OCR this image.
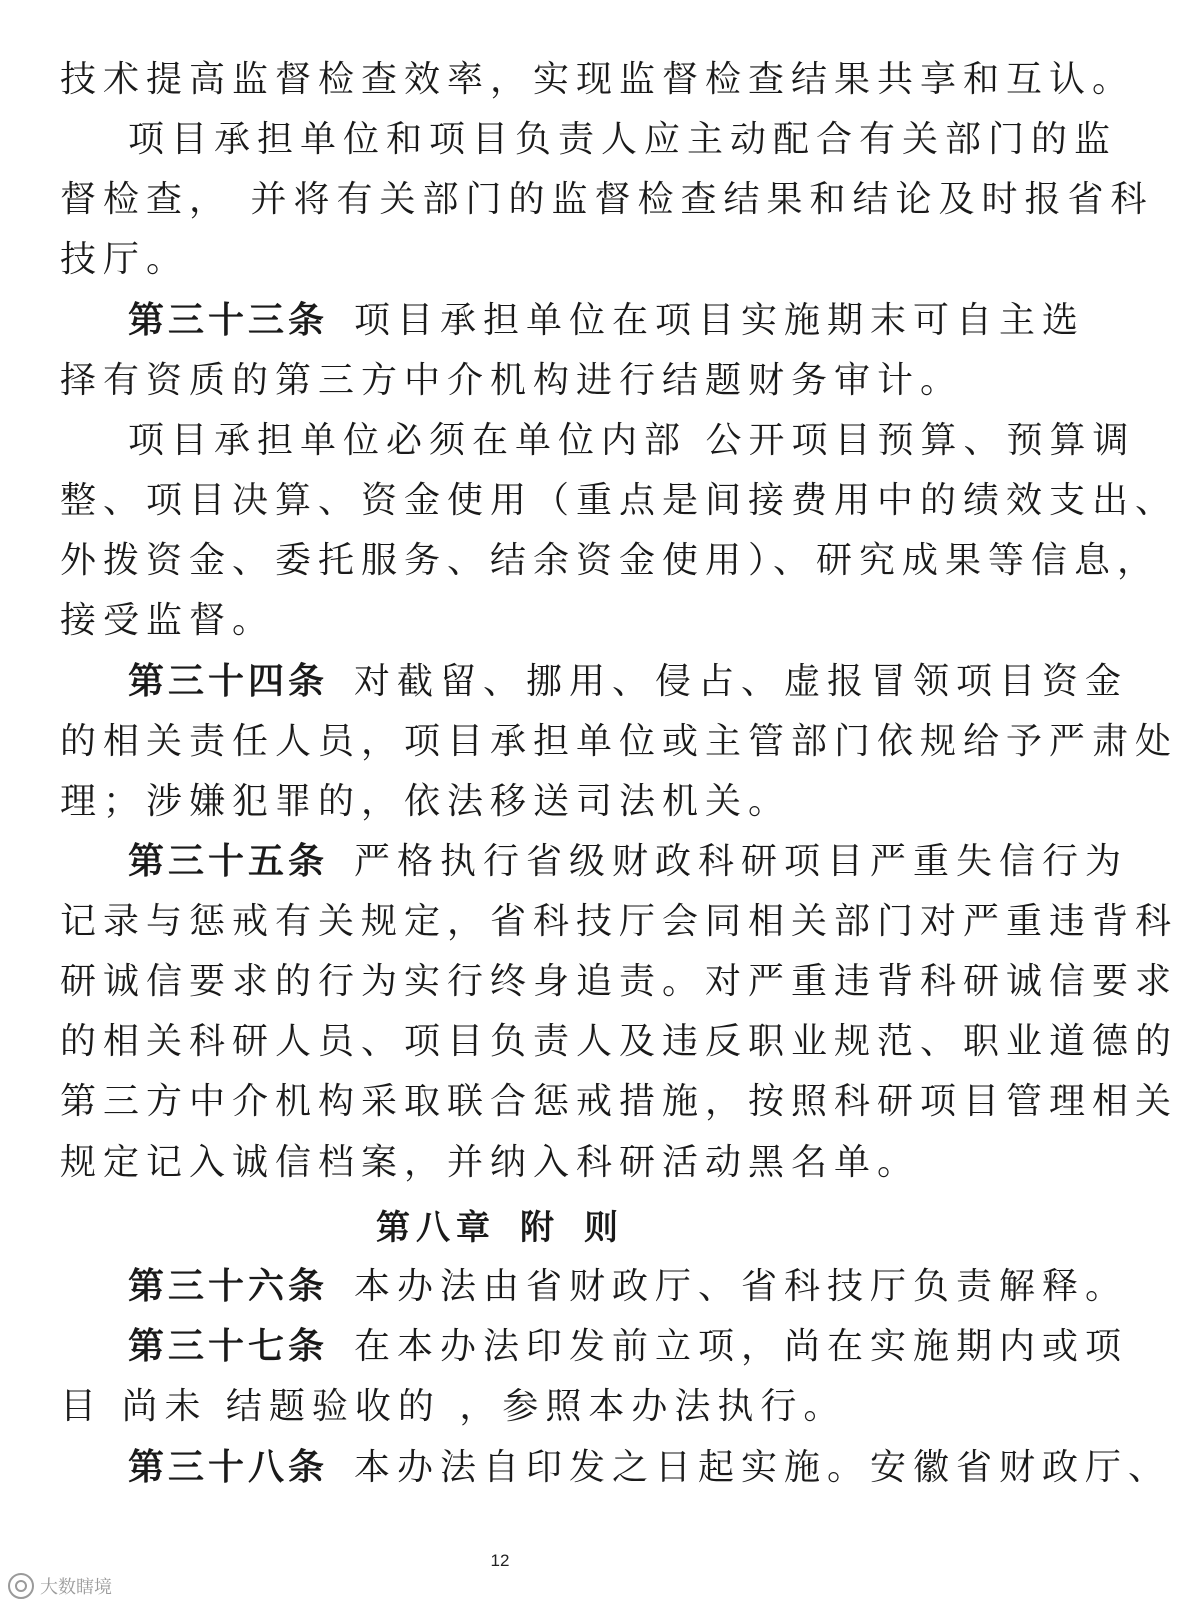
技术提高监督检查效率，实现监督检查结果共享和互认。
项目承担单位和项目负责人应主动配合有关部门的监
督检查， 并将有关部门的监督检查结果和结论及时报省科
技厅。
第三十三条 项目承担单位在项目实施期末可自主选
择有资质的第三方中介机构进行结题财务审计。
项目承担单位必须在单位内部 公开项目预算、预算调
整、项目决算、资金使用（重点是间接费用中的绩效支出、
外拨资金、委托服务、结余资金使用）、研究成果等信息，
接受监督。
第三十四条 对截留、挪用、侵占、虚报冒领项目资金
的相关责任人员，项目承担单位或主管部门依规给予严肃处
理；涉嫌犯罪的，依法移送司法机关。
第三十五条 严格执行省级财政科研项目严重失信行为
记录与惩戒有关规定，省科技厅会同相关部门对严重违背科
研诚信要求的行为实行终身追责。对严重违背科研诚信要求
的相关科研人员、项目负责人及违反职业规范、职业道德的
第三方中介机构采取联合惩戒措施，按照科研项目管理相关
规定记入诚信档案，并纳入科研活动黑名单。
第八章 附 则
第三十六条 本办法由省财政厅、省科技厅负责解释。
第三十七条 在本办法印发前立项，尚在实施期内或项
目 尚未 结题验收的 ，参照本办法执行。
第三十八条 本办法自印发之日起实施。安徽省财政厅、
12
大数瞎境
